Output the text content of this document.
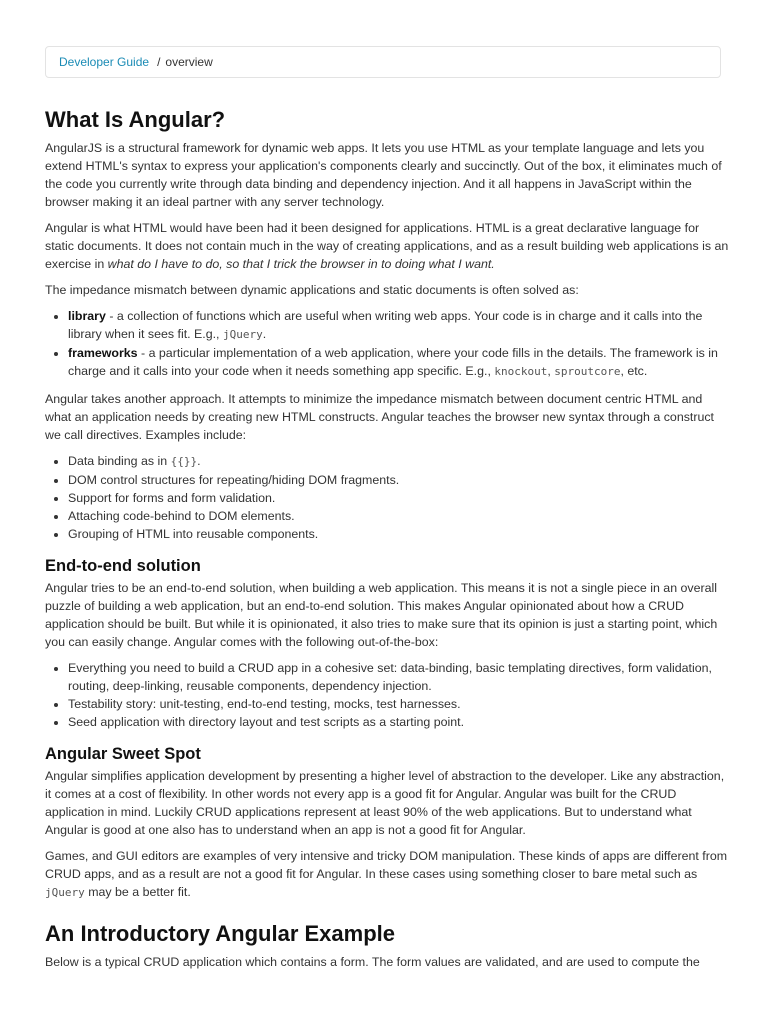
Developer Guide / overview
What Is Angular?

AngularJS is a structural framework for dynamic web apps. It lets you use HTML as your template language and lets you extend HTML's syntax to express your application's components clearly and succinctly. Out of the box, it eliminates much of the code you currently write through data binding and dependency injection. And it all happens in JavaScript within the browser making it an ideal partner with any server technology.

Angular is what HTML would have been had it been designed for applications. HTML is a great declarative language for static documents. It does not contain much in the way of creating applications, and as a result building web applications is an exercise in what do I have to do, so that I trick the browser in to doing what I want.

The impedance mismatch between dynamic applications and static documents is often solved as:

• library - a collection of functions which are useful when writing web apps. Your code is in charge and it calls into the library when it sees fit. E.g., jQuery.
• frameworks - a particular implementation of a web application, where your code fills in the details. The framework is in charge and it calls into your code when it needs something app specific. E.g., knockout, sproutcore, etc.

Angular takes another approach. It attempts to minimize the impedance mismatch between document centric HTML and what an application needs by creating new HTML constructs. Angular teaches the browser new syntax through a construct we call directives. Examples include:

• Data binding as in {{}}.
• DOM control structures for repeating/hiding DOM fragments.
• Support for forms and form validation.
• Attaching code-behind to DOM elements.
• Grouping of HTML into reusable components.
End-to-end solution

Angular tries to be an end-to-end solution, when building a web application. This means it is not a single piece in an overall puzzle of building a web application, but an end-to-end solution. This makes Angular opinionated about how a CRUD application should be built. But while it is opinionated, it also tries to make sure that its opinion is just a starting point, which you can easily change. Angular comes with the following out-of-the-box:

• Everything you need to build a CRUD app in a cohesive set: data-binding, basic templating directives, form validation, routing, deep-linking, reusable components, dependency injection.
• Testability story: unit-testing, end-to-end testing, mocks, test harnesses.
• Seed application with directory layout and test scripts as a starting point.
Angular Sweet Spot

Angular simplifies application development by presenting a higher level of abstraction to the developer. Like any abstraction, it comes at a cost of flexibility. In other words not every app is a good fit for Angular. Angular was built for the CRUD application in mind. Luckily CRUD applications represent at least 90% of the web applications. But to understand what Angular is good at one also has to understand when an app is not a good fit for Angular.

Games, and GUI editors are examples of very intensive and tricky DOM manipulation. These kinds of apps are different from CRUD apps, and as a result are not a good fit for Angular. In these cases using something closer to bare metal such as jQuery may be a better fit.

An Introductory Angular Example

Below is a typical CRUD application which contains a form. The form values are validated, and are used to compute the
